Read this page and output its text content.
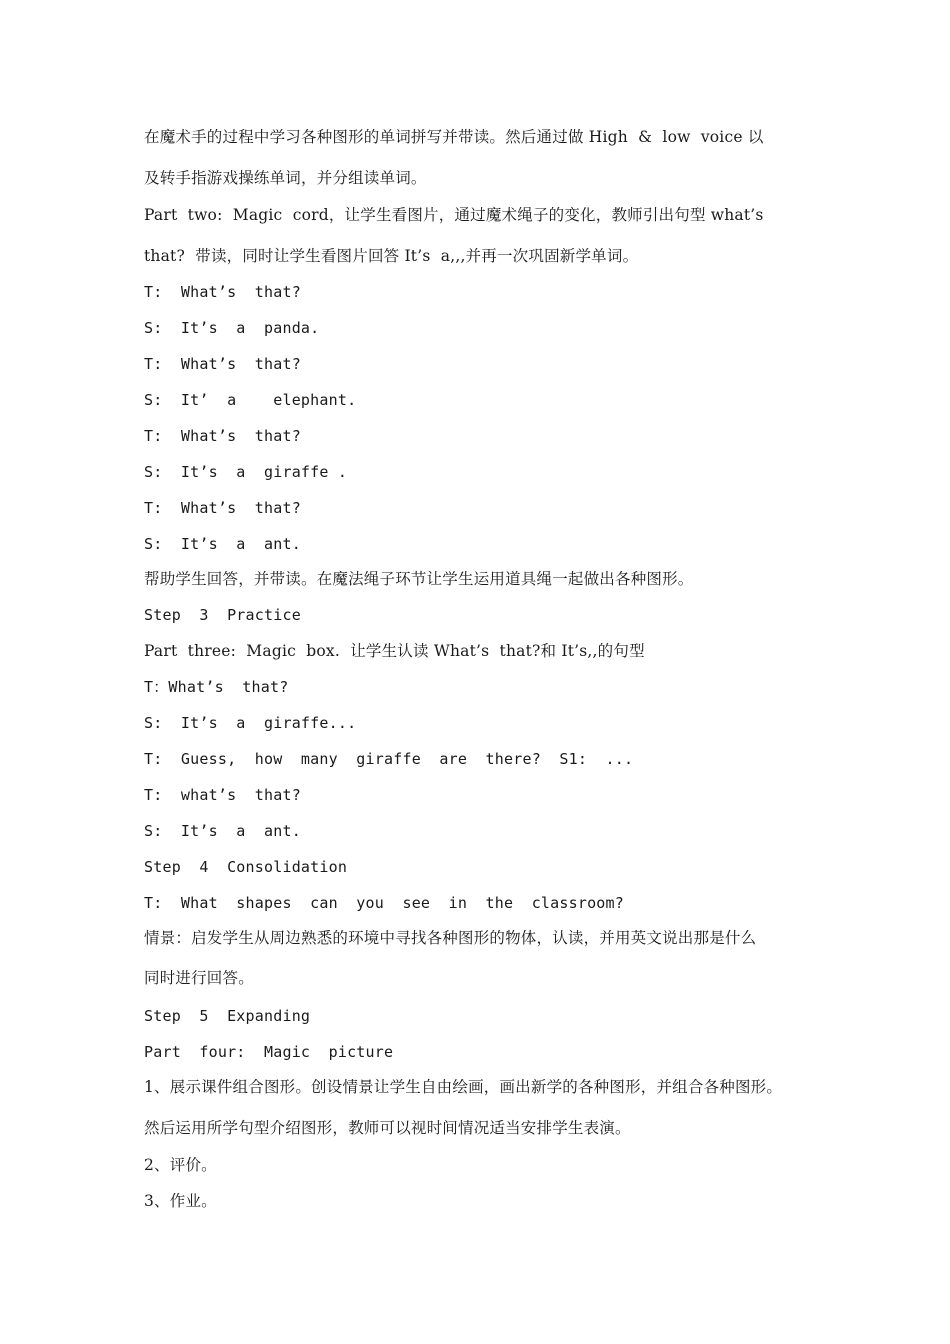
在魔术手的过程中学习各种图形的单词拼写并带读。然后通过做 High  &  low  voice 以
及转手指游戏操练单词，并分组读单词。
Part  two:  Magic  cord，让学生看图片，通过魔术绳子的变化，教师引出句型 what’s
that?  带读，同时让学生看图片回答 It’s  a,,,并再一次巩固新学单词。
T:  What’s  that?
S:  It’s  a  panda.
T:  What’s  that?
S:  It’  a    elephant.
T:  What’s  that?
S:  It’s  a  giraffe .
T:  What’s  that?
S:  It’s  a  ant.
帮助学生回答，并带读。在魔法绳子环节让学生运用道具绳一起做出各种图形。
Step  3  Practice
Part  three:  Magic  box.  让学生认读 What’s  that?和 It’s,,的句型
T：What’s  that?
S:  It’s  a  giraffe...
T:  Guess,  how  many  giraffe  are  there?  S1:  ...
T:  what’s  that?
S:  It’s  a  ant.
Step  4  Consolidation
T:  What  shapes  can  you  see  in  the  classroom?
情景：启发学生从周边熟悉的环境中寻找各种图形的物体，认读，并用英文说出那是什么
同时进行回答。
Step  5  Expanding
Part  four:  Magic  picture
1、展示课件组合图形。创设情景让学生自由绘画，画出新学的各种图形，并组合各种图形。
然后运用所学句型介绍图形，教师可以视时间情况适当安排学生表演。
2、评价。
3、作业。
